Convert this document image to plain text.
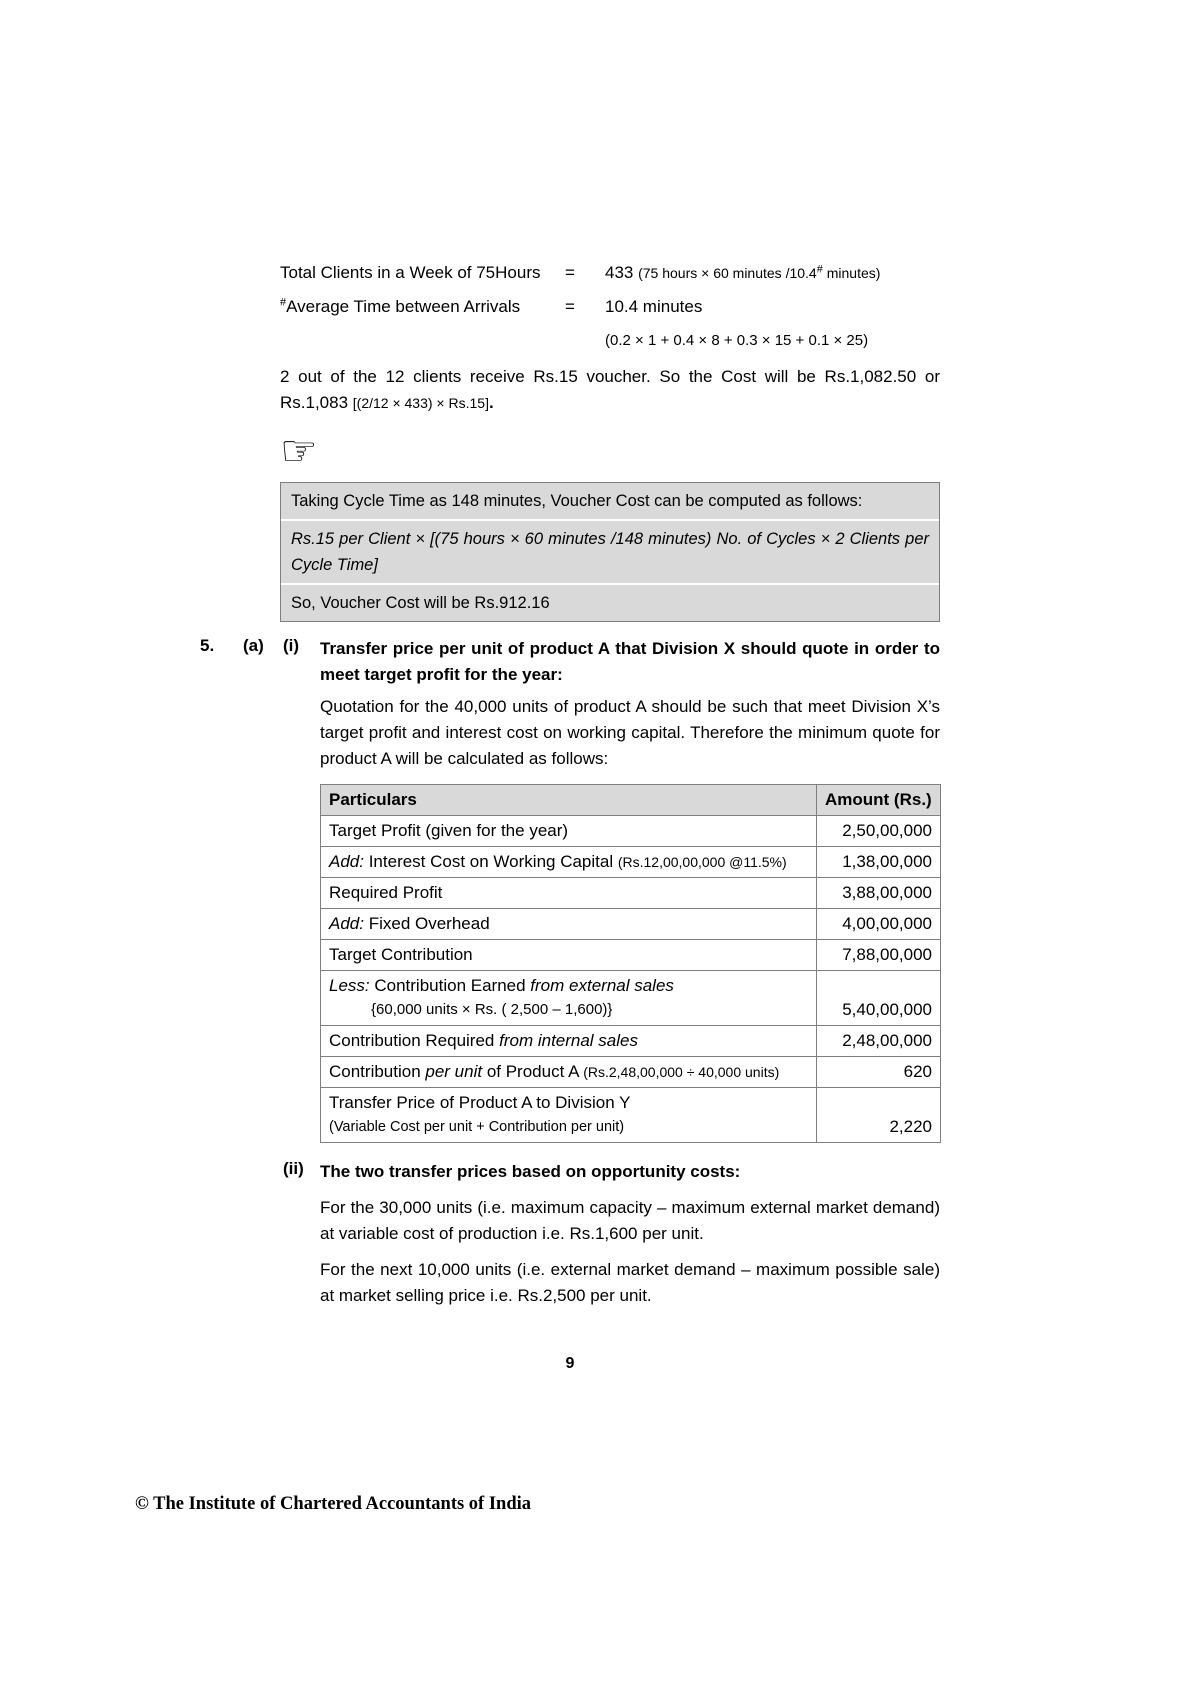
Total Clients in a Week of 75Hours	=	433 (75 hours × 60 minutes /10.4# minutes)
#Average Time between Arrivals	=	10.4 minutes
(0.2 × 1 + 0.4 × 8 + 0.3 × 15 + 0.1 × 25)
2 out of the 12 clients receive Rs.15 voucher. So the Cost will be Rs.1,082.50 or Rs.1,083 [(2/12 × 433) × Rs.15].
☞
Taking Cycle Time as 148 minutes, Voucher Cost can be computed as follows:
Rs.15 per Client × [(75 hours × 60 minutes /148 minutes) No. of Cycles × 2 Clients per Cycle Time]
So, Voucher Cost will be Rs.912.16
5.	(a)	(i)	Transfer price per unit of product A that Division X should quote in order to meet target profit for the year:
Quotation for the 40,000 units of product A should be such that meet Division X’s target profit and interest cost on working capital. Therefore the minimum quote for product A will be calculated as follows:
Particulars	Amount (Rs.)
Target Profit (given for the year)	2,50,00,000
Add: Interest Cost on Working Capital (Rs.12,00,00,000 @11.5%)	1,38,00,000
Required Profit	3,88,00,000
Add: Fixed Overhead	4,00,00,000
Target Contribution	7,88,00,000

Less: Contribution Earned from external sales
{60,000 units × Rs. ( 2,500 – 1,600)}	5,40,00,000
Contribution Required from internal sales	2,48,00,000
Contribution per unit of Product A (Rs.2,48,00,000 ÷ 40,000 units)	620

Transfer Price of Product A to Division Y
(Variable Cost per unit + Contribution per unit)	2,220
(ii) The two transfer prices based on opportunity costs:
For the 30,000 units (i.e. maximum capacity – maximum external market demand) at variable cost of production i.e. Rs.1,600 per unit.
For the next 10,000 units (i.e. external market demand – maximum possible sale) at market selling price i.e. Rs.2,500 per unit.
9
© The Institute of Chartered Accountants of India
